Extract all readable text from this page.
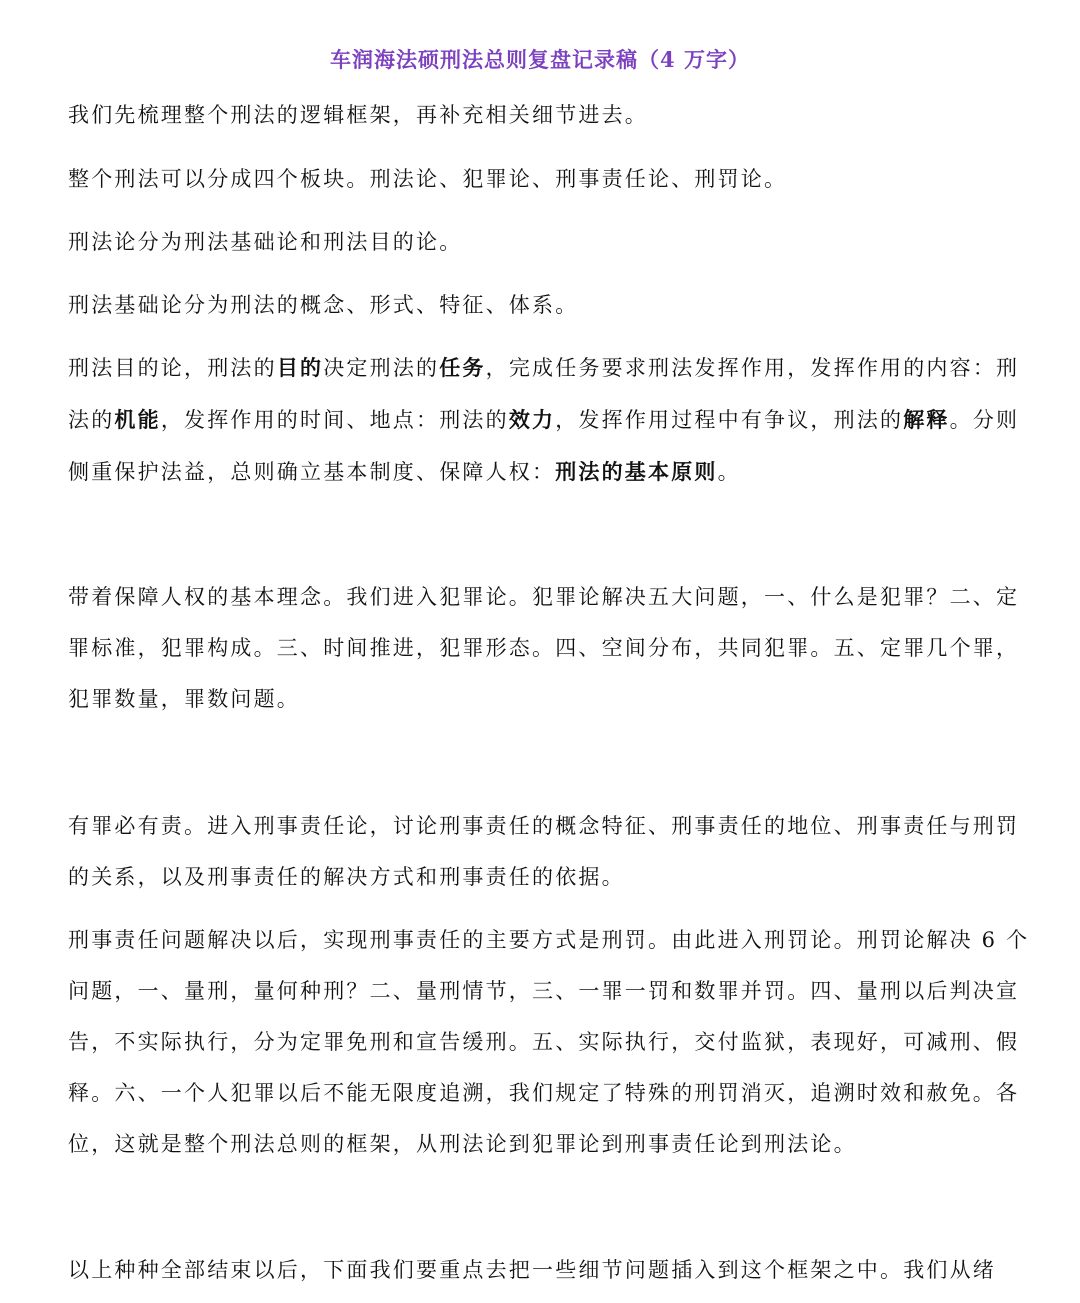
车润海法硕刑法总则复盘记录稿（4 万字）

我们先梳理整个刑法的逻辑框架，再补充相关细节进去。

整个刑法可以分成四个板块。刑法论、犯罪论、刑事责任论、刑罚论。

刑法论分为刑法基础论和刑法目的论。

刑法基础论分为刑法的概念、形式、特征、体系。

刑法目的论，刑法的目的决定刑法的任务，完成任务要求刑法发挥作用，发挥作用的内容：刑法的机能，发挥作用的时间、地点：刑法的效力，发挥作用过程中有争议，刑法的解释。分则侧重保护法益，总则确立基本制度、保障人权：刑法的基本原则。

带着保障人权的基本理念。我们进入犯罪论。犯罪论解决五大问题，一、什么是犯罪？二、定罪标准，犯罪构成。三、时间推进，犯罪形态。四、空间分布，共同犯罪。五、定罪几个罪，犯罪数量，罪数问题。

有罪必有责。进入刑事责任论，讨论刑事责任的概念特征、刑事责任的地位、刑事责任与刑罚的关系，以及刑事责任的解决方式和刑事责任的依据。

刑事责任问题解决以后，实现刑事责任的主要方式是刑罚。由此进入刑罚论。刑罚论解决 6 个问题，一、量刑，量何种刑？二、量刑情节，三、一罪一罚和数罪并罚。四、量刑以后判决宣告，不实际执行，分为定罪免刑和宣告缓刑。五、实际执行，交付监狱，表现好，可减刑、假释。六、一个人犯罪以后不能无限度追溯，我们规定了特殊的刑罚消灭，追溯时效和赦免。各位，这就是整个刑法总则的框架，从刑法论到犯罪论到刑事责任论到刑法论。

以上种种全部结束以后，下面我们要重点去把一些细节问题插入到这个框架之中。我们从绪
